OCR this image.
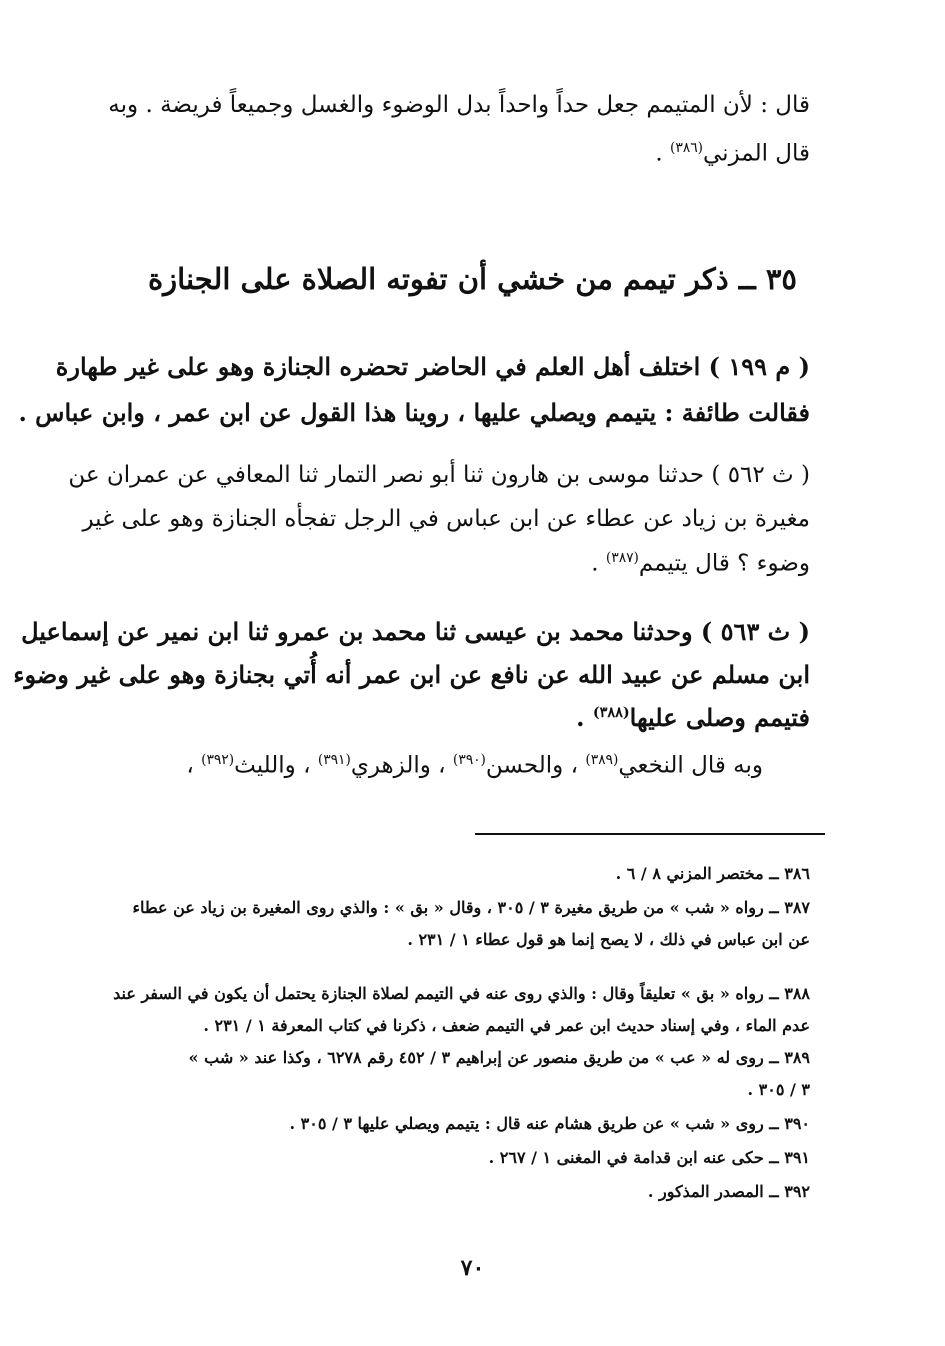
قال : لأن المتيمم جعل حداً واحداً بدل الوضوء والغسل وجميعاً فريضة . وبه
قال المزني$^{(٣٨٦)}$ .
٣٥ ــ ذكر تيمم من خشي أن تفوته الصلاة على الجنازة
( م ١٩٩ ) اختلف أهل العلم في الحاضر تحضره الجنازة وهو على غير طهارة
فقالت طائفة : يتيمم ويصلي عليها ، روينا هذا القول عن ابن عمر ، وابن عباس .
( ث ٥٦٢ ) حدثنا موسى بن هارون ثنا أبو نصر التمار ثنا المعافي عن عمران عن
مغيرة بن زياد عن عطاء عن ابن عباس في الرجل تفجأه الجنازة وهو على غير
وضوء ؟ قال يتيمم$^{(٣٨٧)}$ .
( ث ٥٦٣ ) وحدثنا محمد بن عيسى ثنا محمد بن عمرو ثنا ابن نمير عن إسماعيل
ابن مسلم عن عبيد الله عن نافع عن ابن عمر أنه أُتي بجنازة وهو على غير وضوء
فتيمم وصلى عليها$^{(٣٨٨)}$ .
وبه قال النخعي$^{(٣٨٩)}$ ، والحسن$^{(٣٩٠)}$ ، والزهري$^{(٣٩١)}$ ، والليث$^{(٣٩٢)}$ ،
٣٨٦ ــ مختصر المزني ٨ / ٦ .
٣٨٧ ــ رواه « شب » من طريق مغيرة ٣ / ٣٠٥ ، وقال « بق » : والذي روى المغيرة بن زياد عن عطاء
عن ابن عباس في ذلك ، لا يصح إنما هو قول عطاء ١ / ٢٣١ .
٣٨٨ ــ رواه « بق » تعليقاً وقال : والذي روى عنه في التيمم لصلاة الجنازة يحتمل أن يكون في السفر عند
عدم الماء ، وفي إسناد حديث ابن عمر في التيمم ضعف ، ذكرنا في كتاب المعرفة ١ / ٢٣١ .
٣٨٩ ــ روى له « عب » من طريق منصور عن إبراهيم ٣ / ٤٥٢ رقم ٦٢٧٨ ، وكذا عند « شب »
٣ / ٣٠٥ .
٣٩٠ ــ روى « شب » عن طريق هشام عنه قال : يتيمم ويصلي عليها ٣ / ٣٠٥ .
٣٩١ ــ حكى عنه ابن قدامة في المغنى ١ / ٢٦٧ .
٣٩٢ ــ المصدر المذكور .
٧٠
